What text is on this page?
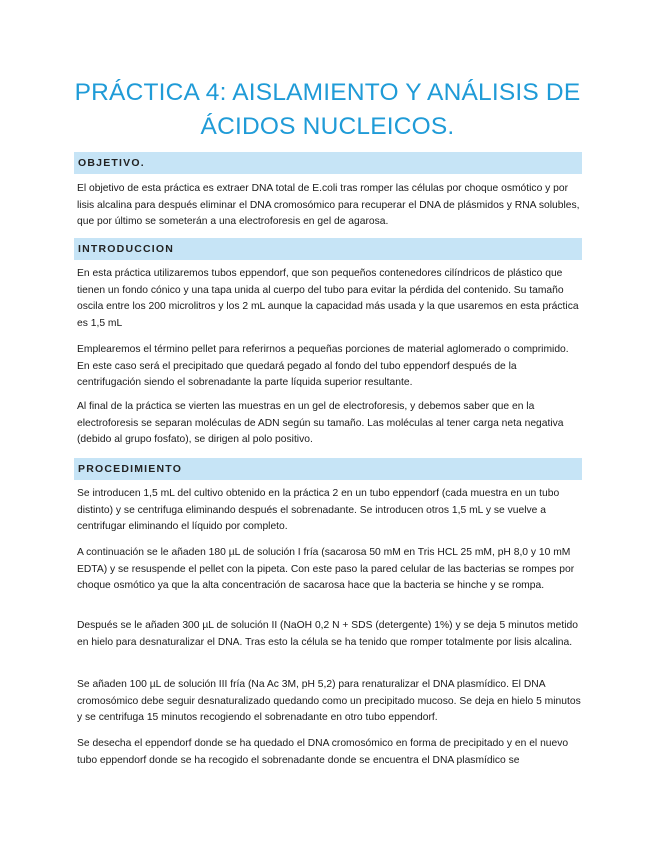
PRÁCTICA 4: AISLAMIENTO Y ANÁLISIS DE
ÁCIDOS NUCLEICOS.
OBJETIVO.

El objetivo de esta práctica es extraer DNA total de E.coli tras romper las células por choque osmótico y por lisis alcalina para después eliminar el DNA cromosómico para recuperar el DNA de plásmidos y RNA solubles, que por último se someterán a una electroforesis en gel de agarosa.

INTRODUCCION

En esta práctica utilizaremos tubos eppendorf, que son pequeños contenedores cilíndricos de plástico que tienen un fondo cónico y una tapa unida al cuerpo del tubo para evitar la pérdida del contenido. Su tamaño oscila entre los 200 microlitros y los 2 mL aunque la capacidad más usada y la que usaremos en esta práctica es 1,5 mL

Emplearemos el término pellet para referirnos a pequeñas porciones de material aglomerado o comprimido. En este caso será el precipitado que quedará pegado al fondo del tubo eppendorf después de la centrifugación siendo el sobrenadante la parte líquida superior resultante.

Al final de la práctica se vierten las muestras en un gel de electroforesis, y debemos saber que en la electroforesis se separan moléculas de ADN según su tamaño. Las moléculas al tener carga neta negativa (debido al grupo fosfato), se dirigen al polo positivo.

PROCEDIMIENTO

Se introducen 1,5 mL del cultivo obtenido en la práctica 2 en un tubo eppendorf (cada muestra en un tubo distinto) y se centrifuga eliminando después el sobrenadante. Se introducen otros 1,5 mL y se vuelve a centrifugar eliminando el líquido por completo.

A continuación se le añaden 180 µL de solución I fría (sacarosa 50 mM en Tris HCL 25 mM, pH 8,0 y 10 mM EDTA) y se resuspende el pellet con la pipeta. Con este paso la pared celular de las bacterias se rompes por choque osmótico ya que la alta concentración de sacarosa hace que la bacteria se hinche y se rompa.

Después se le añaden 300 µL de solución II (NaOH 0,2 N + SDS (detergente) 1%) y se deja 5 minutos metido en hielo para desnaturalizar el DNA. Tras esto la célula se ha tenido que romper totalmente por lisis alcalina.

Se añaden 100 µL de solución III fría (Na Ac 3M, pH 5,2) para renaturalizar el DNA plasmídico. El DNA cromosómico debe seguir desnaturalizado quedando como un precipitado mucoso. Se deja en hielo 5 minutos y se centrifuga 15 minutos recogiendo el sobrenadante en otro tubo eppendorf.

Se desecha el eppendorf donde se ha quedado el DNA cromosómico en forma de precipitado y en el nuevo tubo eppendorf donde se ha recogido el sobrenadante donde se encuentra el DNA plasmídico se
